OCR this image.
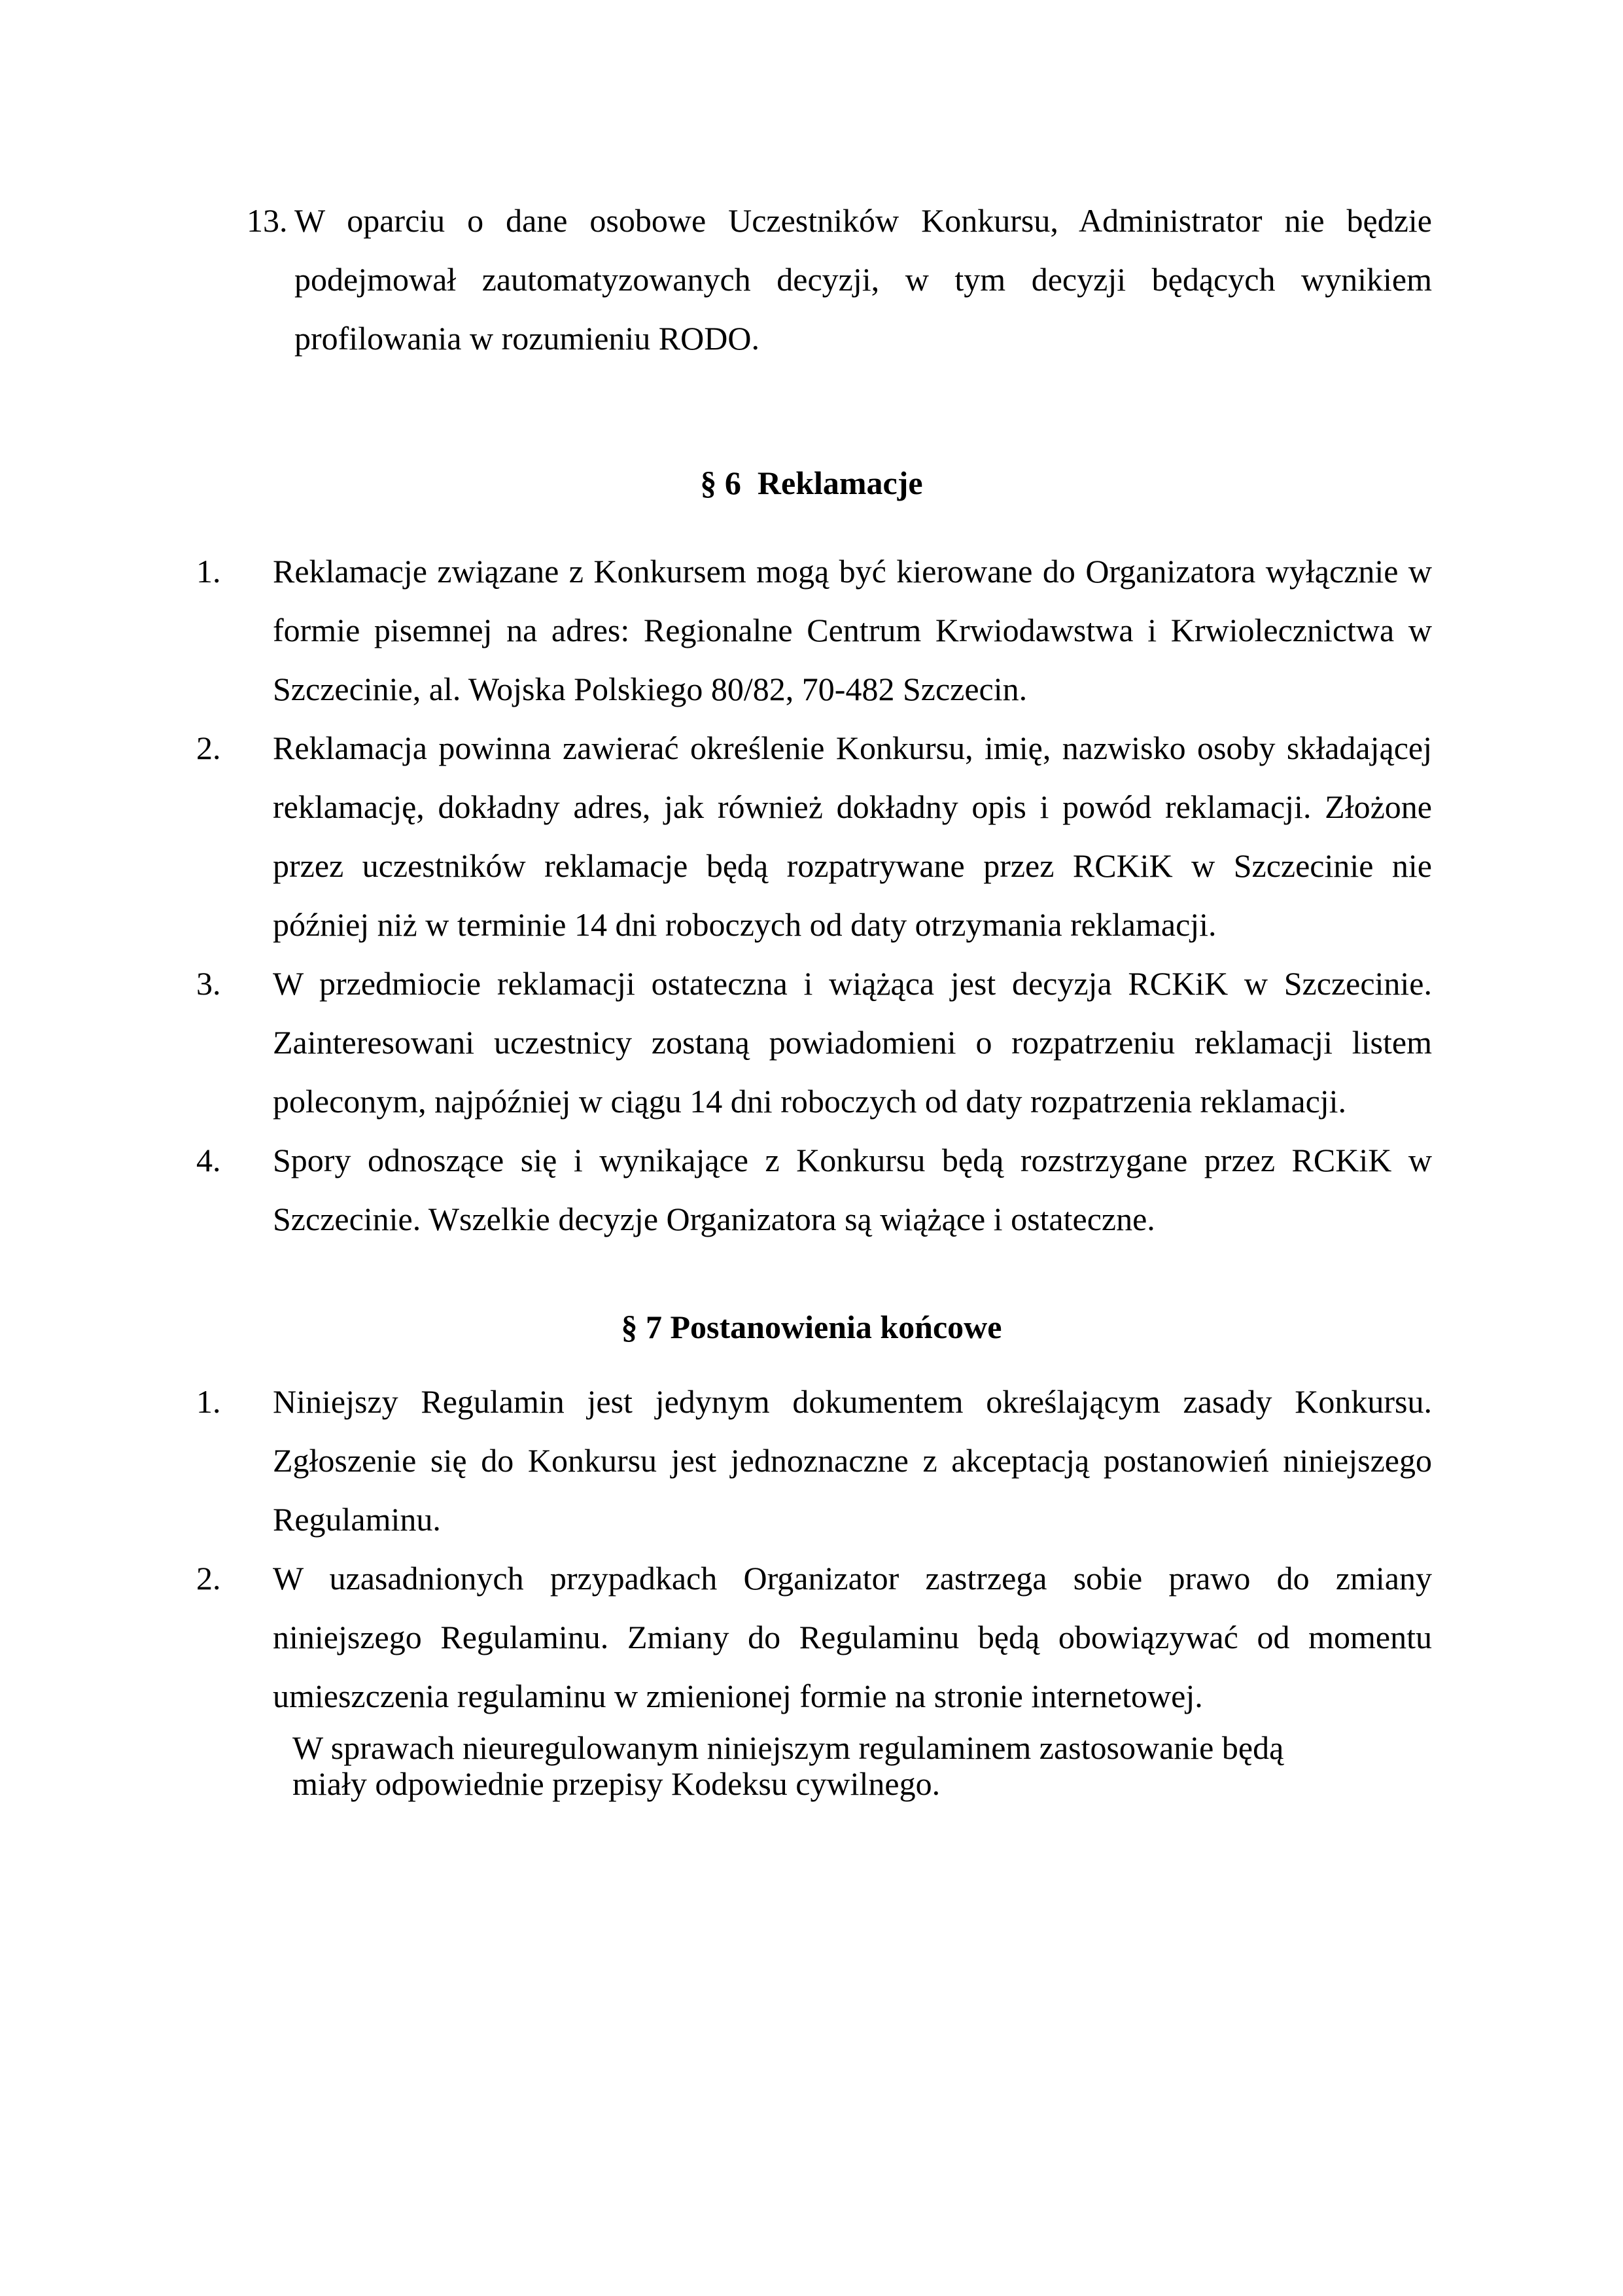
13. W oparciu o dane osobowe Uczestników Konkursu, Administrator nie będzie podejmował zautomatyzowanych decyzji, w tym decyzji będących wynikiem profilowania w rozumieniu RODO.
§ 6  Reklamacje
1. Reklamacje związane z Konkursem mogą być kierowane do Organizatora wyłącznie w formie pisemnej na adres: Regionalne Centrum Krwiodawstwa i Krwiolecznictwa w Szczecinie, al. Wojska Polskiego 80/82, 70-482 Szczecin.
2. Reklamacja powinna zawierać określenie Konkursu, imię, nazwisko osoby składającej reklamację, dokładny adres, jak również dokładny opis i powód reklamacji. Złożone przez uczestników reklamacje będą rozpatrywane przez RCKiK w Szczecinie nie później niż w terminie 14 dni roboczych od daty otrzymania reklamacji.
3. W przedmiocie reklamacji ostateczna i wiążąca jest decyzja RCKiK w Szczecinie. Zainteresowani uczestnicy zostaną powiadomieni o rozpatrzeniu reklamacji listem poleconym, najpóźniej w ciągu 14 dni roboczych od daty rozpatrzenia reklamacji.
4. Spory odnoszące się i wynikające z Konkursu będą rozstrzygane przez RCKiK w Szczecinie. Wszelkie decyzje Organizatora są wiążące i ostateczne.
§ 7 Postanowienia końcowe
1. Niniejszy Regulamin jest jedynym dokumentem określającym zasady Konkursu. Zgłoszenie się do Konkursu jest jednoznaczne z akceptacją postanowień niniejszego Regulaminu.
2. W uzasadnionych przypadkach Organizator zastrzega sobie prawo do zmiany niniejszego Regulaminu. Zmiany do Regulaminu będą obowiązywać od momentu umieszczenia regulaminu w zmienionej formie na stronie internetowej.

W sprawach nieuregulowanym niniejszym regulaminem zastosowanie będą miały odpowiednie przepisy Kodeksu cywilnego.
